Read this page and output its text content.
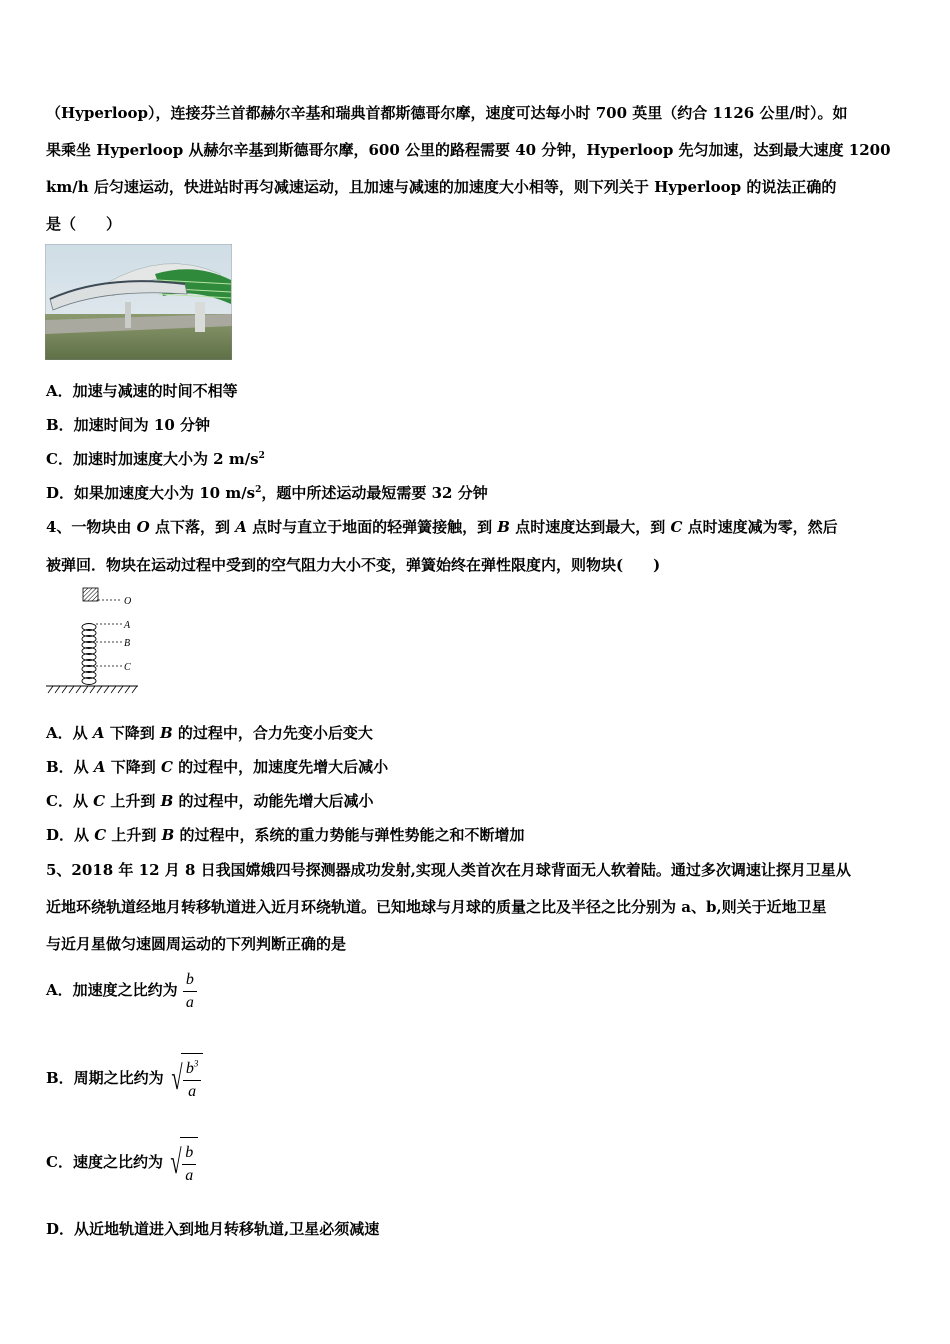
（Hyperloop），连接芬兰首都赫尔辛基和瑞典首都斯德哥尔摩，速度可达每小时 700 英里（约合 1126 公里/时）。如
果乘坐 Hyperloop 从赫尔辛基到斯德哥尔摩，600 公里的路程需要 40 分钟，Hyperloop 先匀加速，达到最大速度 1200
km/h 后匀速运动，快进站时再匀减速运动，且加速与减速的加速度大小相等，则下列关于 Hyperloop 的说法正确的
是（　　）
A．加速与减速的时间不相等
B．加速时间为 10 分钟
C．加速时加速度大小为 2 $m/s^2$
D．如果加速度大小为 10 $m/s^2$，题中所述运动最短需要 32 分钟
4、一物块由 O 点下落，到 A 点时与直立于地面的轻弹簧接触，到 B 点时速度达到最大，到 C 点时速度减为零，然后
被弹回．物块在运动过程中受到的空气阻力大小不变，弹簧始终在弹性限度内，则物块(　　)
O
A
B
C
A．从 A 下降到 B 的过程中，合力先变小后变大
B．从 A 下降到 C 的过程中，加速度先增大后减小
C．从 C 上升到 B 的过程中，动能先增大后减小
D．从 C 上升到 B 的过程中，系统的重力势能与弹性势能之和不断增加
5、2018 年 12 月 8 日我国嫦娥四号探测器成功发射,实现人类首次在月球背面无人软着陆。通过多次调速让探月卫星从
近地环绕轨道经地月转移轨道进入近月环绕轨道。已知地球与月球的质量之比及半径之比分别为 a、b,则关于近地卫星
与近月星做匀速圆周运动的下列判断正确的是
A．加速度之比约为 $\frac{b}{a}$
B．周期之比约为 √ $\frac{b^3}{a}$
C．速度之比约为 √ $\frac{b}{a}$
D．从近地轨道进入到地月转移轨道,卫星必须减速
